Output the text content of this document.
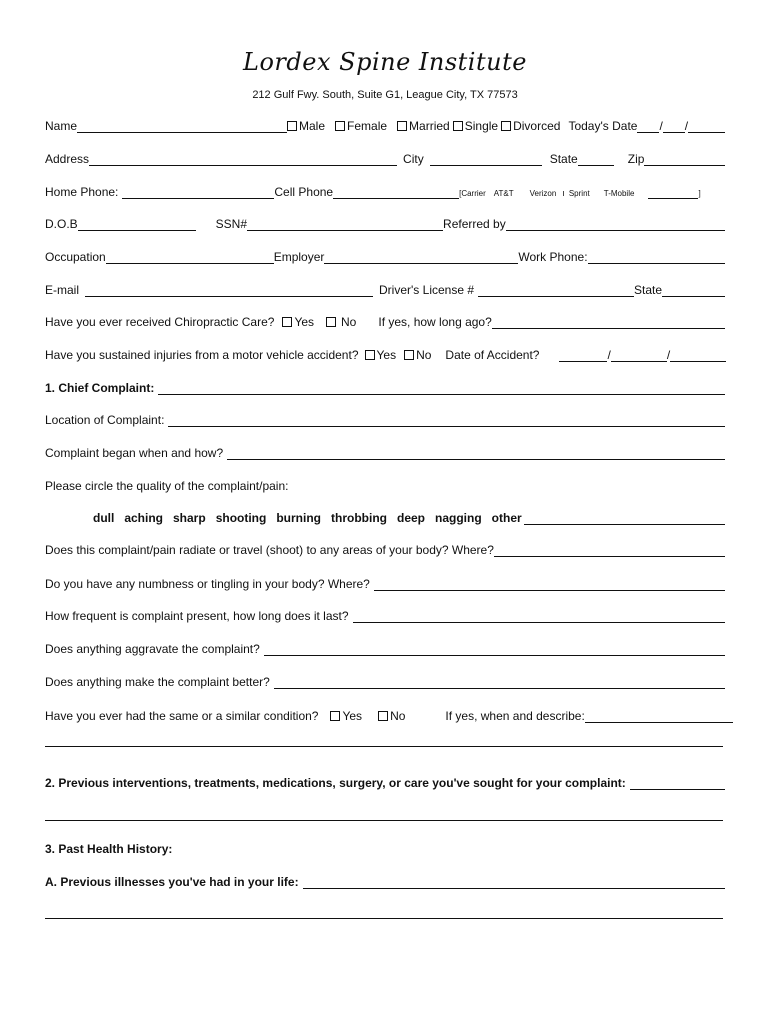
Lordex Spine Institute
212 Gulf Fwy. South, Suite G1, League City, TX 77573
Name	Male Female Married Single Divorced Today's Date / /
Address	City	State	Zip
Home Phone:	Cell Phone	[Carrier AT&T Verizon ı Sprint T-Mobile	]
D.O.B	SSN#	Referred by
Occupation	Employer	Work Phone:
E-mail	Driver's License #	State
Have you ever received Chiropractic Care? Yes No If yes, how long ago?
Have you sustained injuries from a motor vehicle accident? Yes No Date of Accident?	/	/
1. Chief Complaint:
Location of Complaint:
Complaint began when and how?
Please circle the quality of the complaint/pain:
dull aching sharp shooting burning throbbing deep nagging other
Does this complaint/pain radiate or travel (shoot) to any areas of your body? Where?
Do you have any numbness or tingling in your body? Where?
How frequent is complaint present, how long does it last?
Does anything aggravate the complaint?
Does anything make the complaint better?
Have you ever had the same or a similar condition? Yes No	If yes, when and describe:
2. Previous interventions, treatments, medications, surgery, or care you've sought for your complaint:
3. Past Health History:
A. Previous illnesses you've had in your life:
